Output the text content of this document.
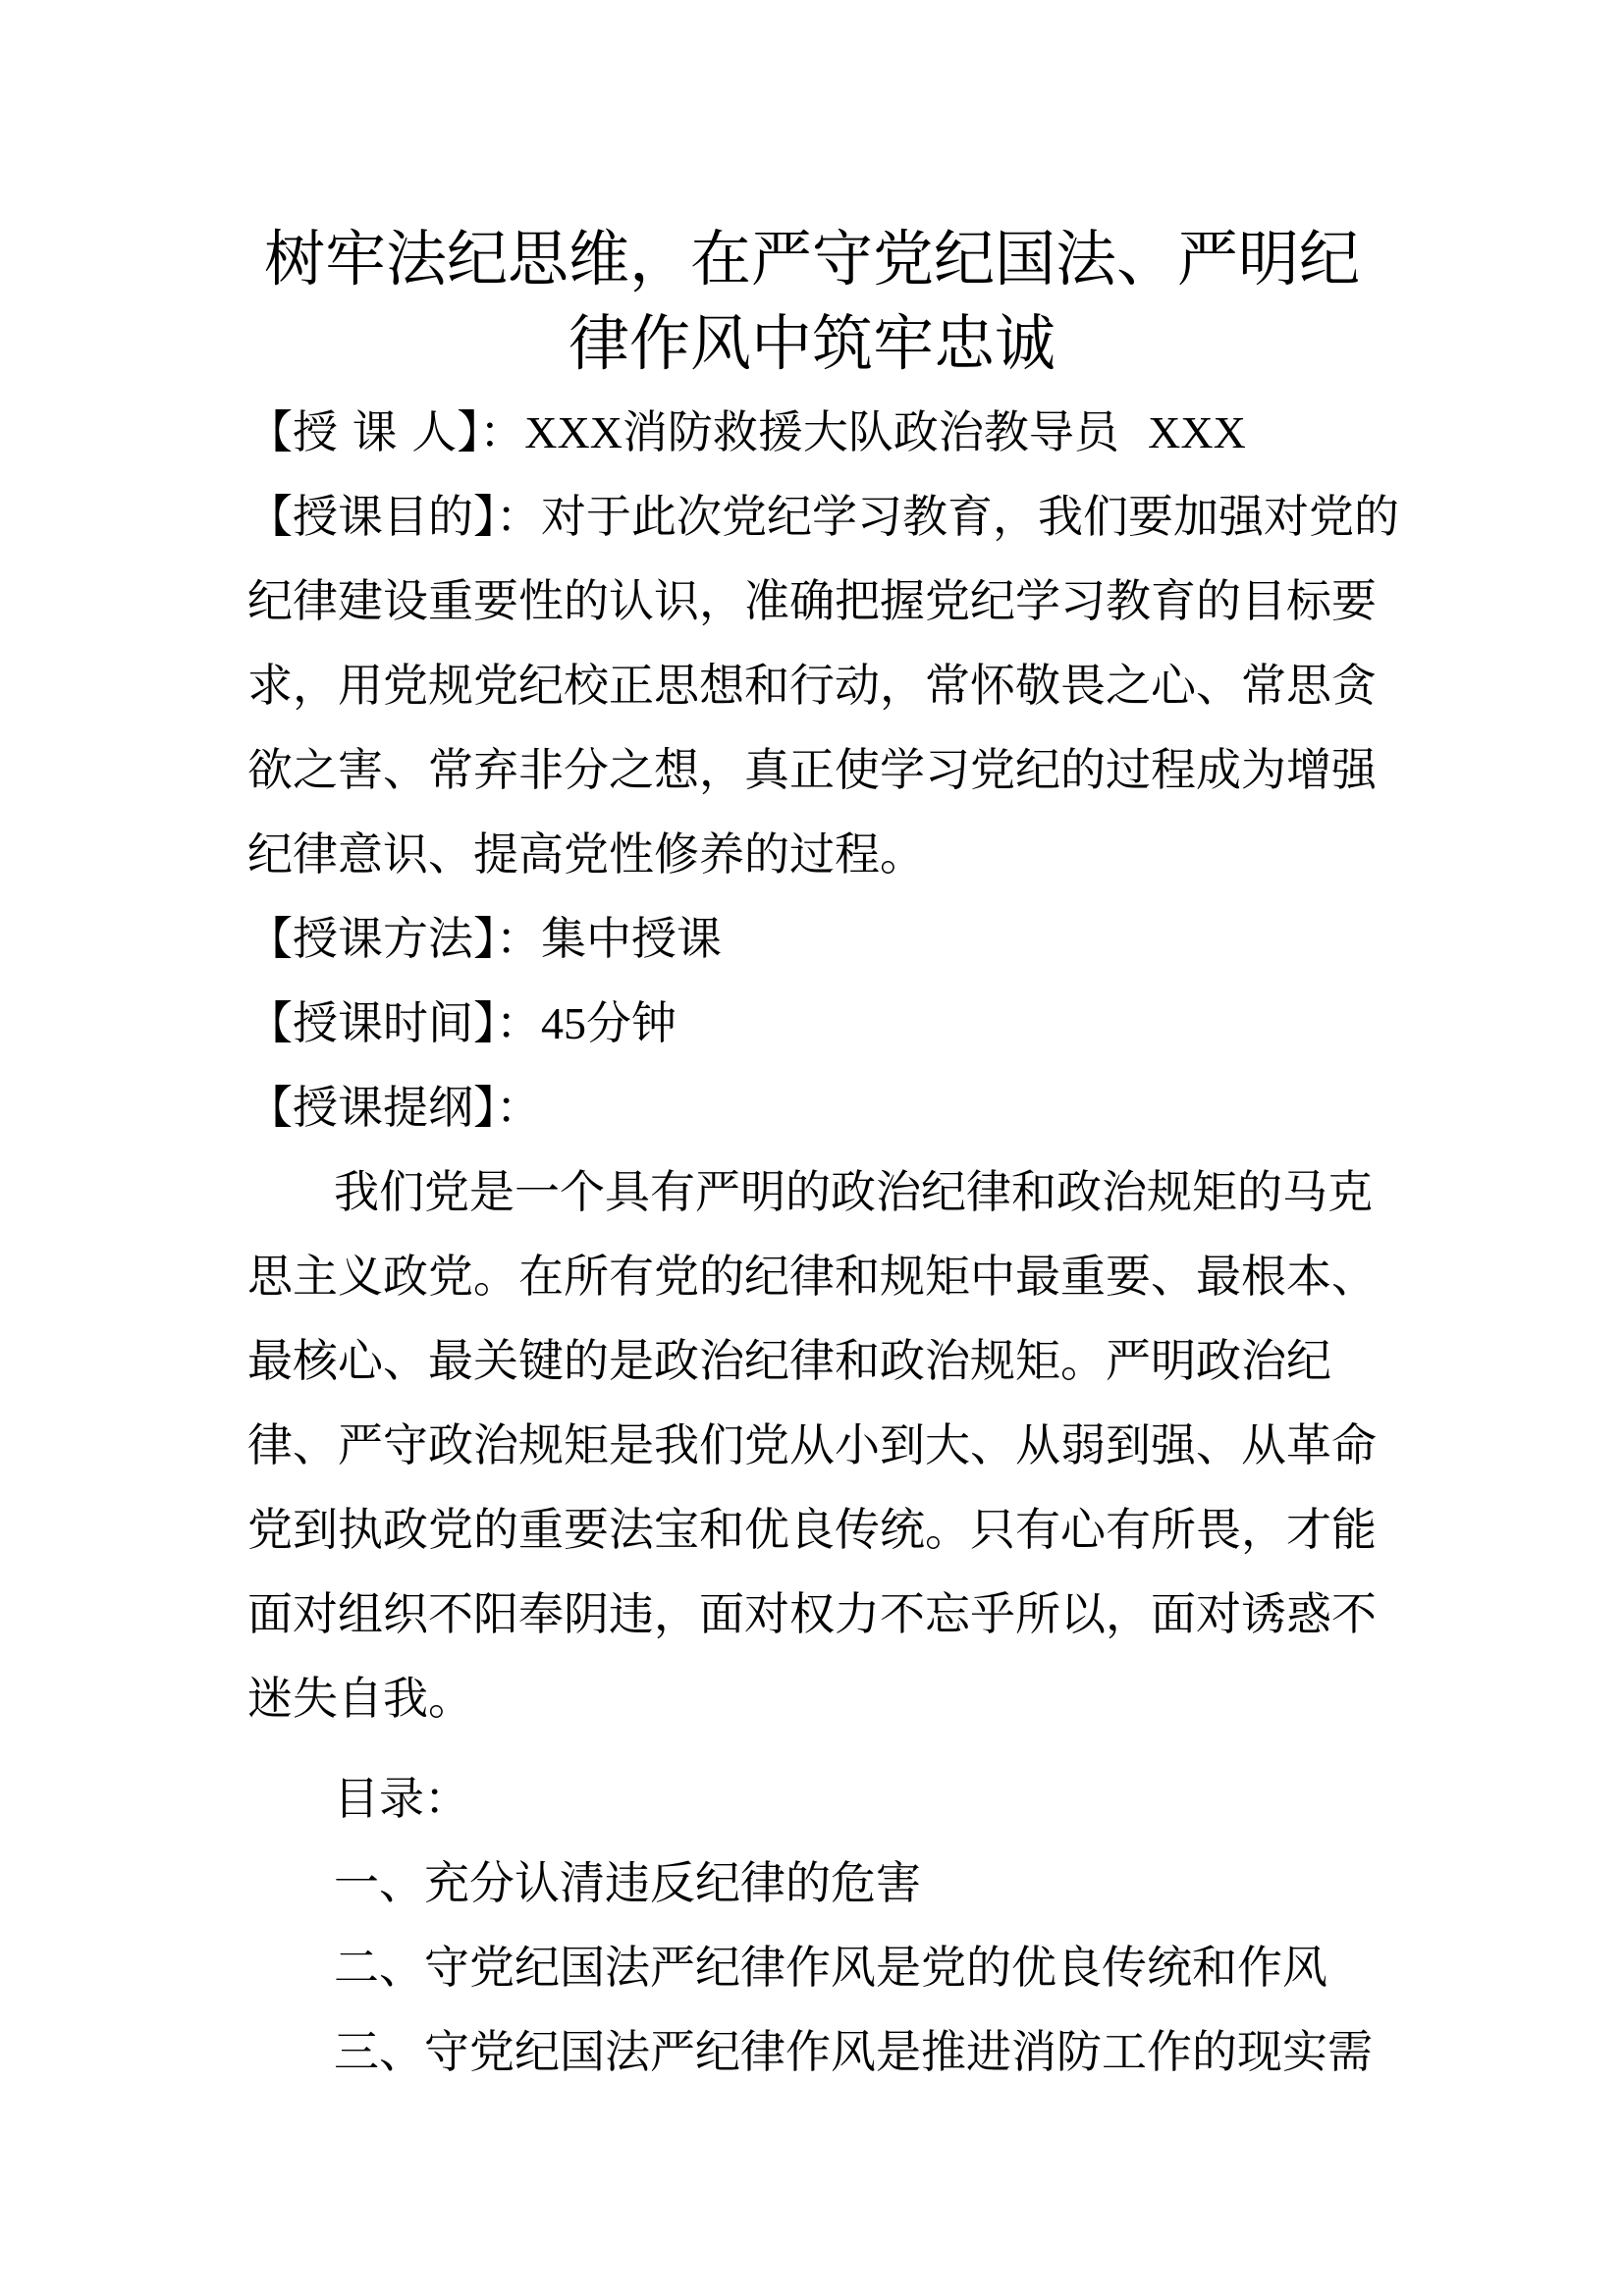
树牢法纪思维，在严守党纪国法、严明纪
律作风中筑牢忠诚

【授 课 人】：XXX消防救援大队政治教导员 XXX

【授课目的】：对于此次党纪学习教育，我们要加强对党的

纪律建设重要性的认识，准确把握党纪学习教育的目标要

求，用党规党纪校正思想和行动，常怀敬畏之心、常思贪

欲之害、常弃非分之想，真正使学习党纪的过程成为增强

纪律意识、提高党性修养的过程。

【授课方法】：集中授课

【授课时间】：45分钟

【授课提纲】：

我们党是一个具有严明的政治纪律和政治规矩的马克

思主义政党。在所有党的纪律和规矩中最重要、最根本、

最核心、最关键的是政治纪律和政治规矩。严明政治纪

律、严守政治规矩是我们党从小到大、从弱到强、从革命

党到执政党的重要法宝和优良传统。只有心有所畏，才能

面对组织不阳奉阴违，面对权力不忘乎所以，面对诱惑不

迷失自我。

目录：

一、充分认清违反纪律的危害

二、守党纪国法严纪律作风是党的优良传统和作风

三、守党纪国法严纪律作风是推进消防工作的现实需
